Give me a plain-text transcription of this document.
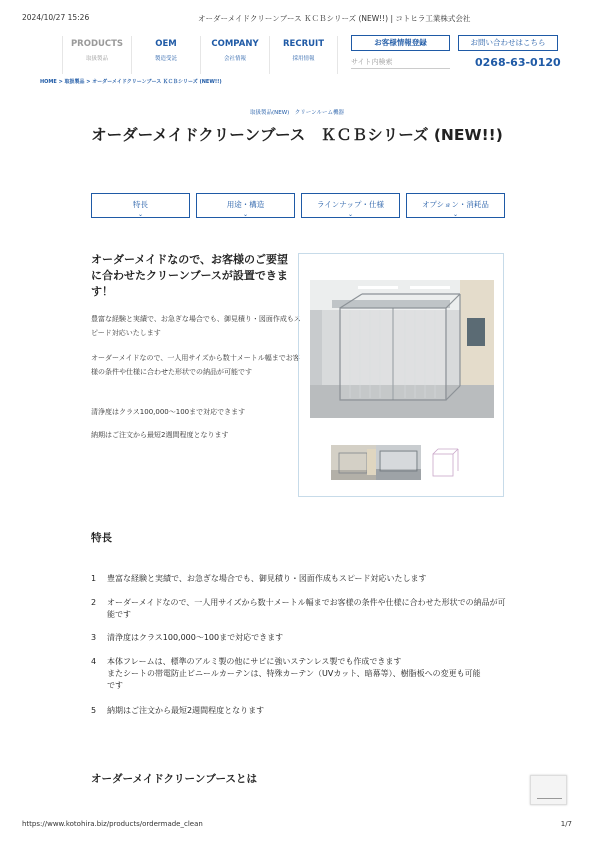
2024/10/27 15:26	オーダーメイドクリーンブース ＫＣＢシリーズ (NEW!!) | コトヒラ工業株式会社
PRODUCTS
取扱製品
OEM
製造受託
COMPANY
会社情報
RECRUIT
採用情報
お客様情報登録	お問い合わせはこちら
サイト内検索
0268-63-0120
HOME > 取扱製品 > オーダーメイドクリーンブース ＫＣＢシリーズ (NEW!!)
取扱製品(NEW)　クリーンルーム機器
オーダーメイドクリーンブース　ＫＣＢシリーズ (NEW!!)
特長
⌄
用途・構造
⌄
ラインナップ・仕様
⌄
オプション・消耗品
⌄
オーダーメイドなので、お客様のご要望に合わせたクリーンブースが設置できます！

豊富な経験と実績で、お急ぎな場合でも、御見積り・図面作成もスピード対応いたします

オーダーメイドなので、一人用サイズから数十メートル幅までお客様の条件や仕様に合わせた形状での納品が可能です

清浄度はクラス100,000～100まで対応できます

納期はご注文から最短2週間程度となります

特長
1	豊富な経験と実績で、お急ぎな場合でも、御見積り・図面作成もスピード対応いたします
2	オーダーメイドなので、一人用サイズから数十メートル幅までお客様の条件や仕様に合わせた形状での納品が可能です
3	清浄度はクラス100,000～100まで対応できます
4	本体フレームは、標準のアルミ製の他にサビに強いステンレス製でも作成できます
またシートの帯電防止ビニールカーテンは、特殊カーテン（UVカット、暗幕等）、樹脂板への変更も可能です
5	納期はご注文から最短2週間程度となります
オーダーメイドクリーンブースとは
https://www.kotohira.biz/products/ordermade_clean	1/7
